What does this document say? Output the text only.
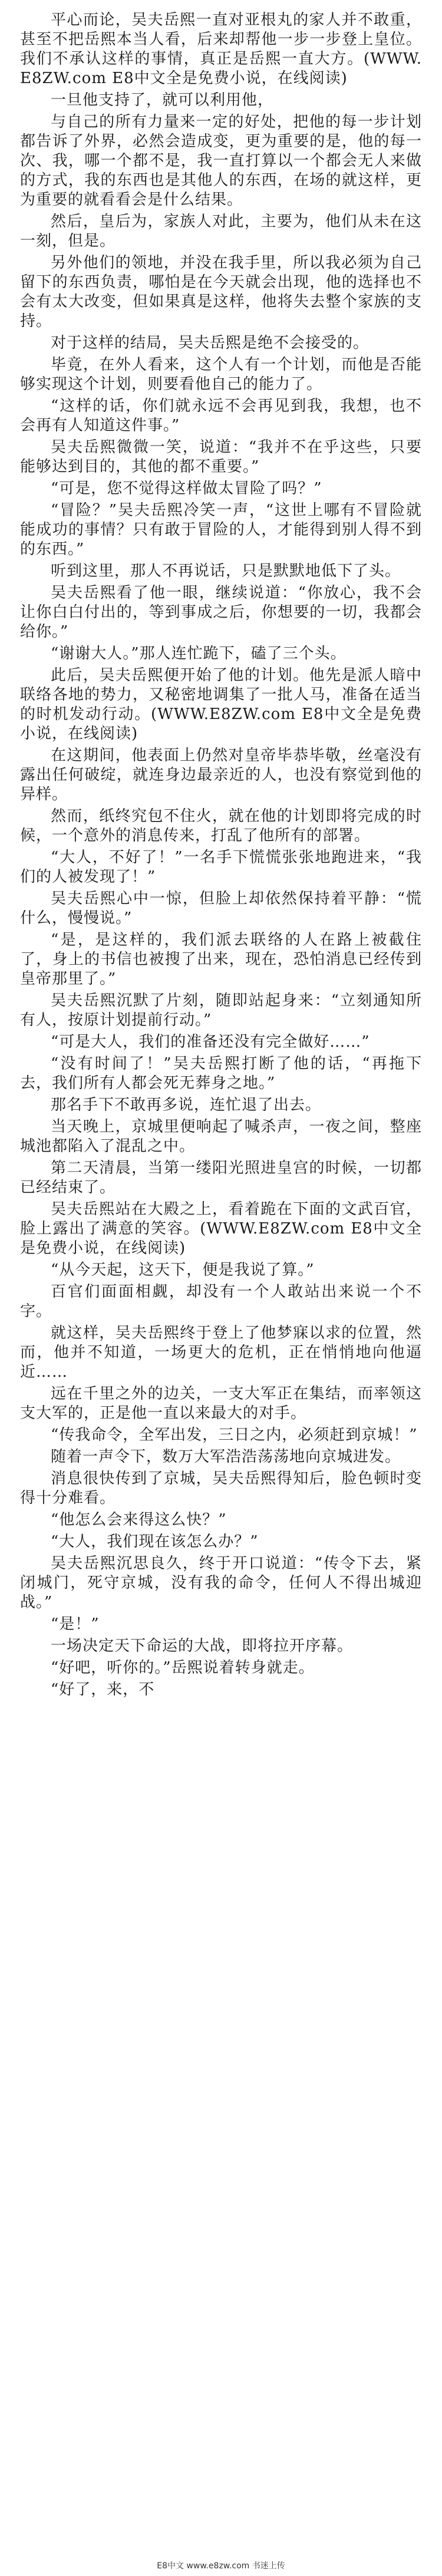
平心而论，吴夫岳熙一直对亚根丸的家人并不敢重，甚至不把岳熙本当人看，后来却帮他一步一步登上皇位。我们不承认这样的事情，真正是岳熙一直大方。(WWW.E8ZW.com E8中文全是免费小说，在线阅读)

一旦他支持了，就可以利用他，

与自己的所有力量来一定的好处，把他的每一步计划都告诉了外界，必然会造成变，更为重要的是，他的每一次、我，哪一个都不是，我一直打算以一个都会无人来做的方式，我的东西也是其他人的东西，在场的就这样，更为重要的就看看会是什么结果。

然后，皇后为，家族人对此，主要为，他们从未在这一刻，但是。

另外他们的领地，并没在我手里，所以我必须为自己留下的东西负责，哪怕是在今天就会出现，他的选择也不会有太大改变，但如果真是这样，他将失去整个家族的支持。

对于这样的结局，吴夫岳熙是绝不会接受的。

毕竟，在外人看来，这个人有一个计划，而他是否能够实现这个计划，则要看他自己的能力了。

“这样的话，你们就永远不会再见到我，我想，也不会再有人知道这件事。”

吴夫岳熙微微一笑，说道：“我并不在乎这些，只要能够达到目的，其他的都不重要。”

“可是，您不觉得这样做太冒险了吗？”

“冒险？”吴夫岳熙冷笑一声，“这世上哪有不冒险就能成功的事情？只有敢于冒险的人，才能得到别人得不到的东西。”

听到这里，那人不再说话，只是默默地低下了头。

吴夫岳熙看了他一眼，继续说道：“你放心，我不会让你白白付出的，等到事成之后，你想要的一切，我都会给你。”

“谢谢大人。”那人连忙跪下，磕了三个头。

此后，吴夫岳熙便开始了他的计划。他先是派人暗中联络各地的势力，又秘密地调集了一批人马，准备在适当的时机发动行动。(WWW.E8ZW.com E8中文全是免费小说，在线阅读)

在这期间，他表面上仍然对皇帝毕恭毕敬，丝毫没有露出任何破绽，就连身边最亲近的人，也没有察觉到他的异样。

然而，纸终究包不住火，就在他的计划即将完成的时候，一个意外的消息传来，打乱了他所有的部署。

“大人，不好了！”一名手下慌慌张张地跑进来，“我们的人被发现了！”

吴夫岳熙心中一惊，但脸上却依然保持着平静：“慌什么，慢慢说。”

“是，是这样的，我们派去联络的人在路上被截住了，身上的书信也被搜了出来，现在，恐怕消息已经传到皇帝那里了。”

吴夫岳熙沉默了片刻，随即站起身来：“立刻通知所有人，按原计划提前行动。”

“可是大人，我们的准备还没有完全做好……”

“没有时间了！”吴夫岳熙打断了他的话，“再拖下去，我们所有人都会死无葬身之地。”

那名手下不敢再多说，连忙退了出去。

当天晚上，京城里便响起了喊杀声，一夜之间，整座城池都陷入了混乱之中。

第二天清晨，当第一缕阳光照进皇宫的时候，一切都已经结束了。

吴夫岳熙站在大殿之上，看着跪在下面的文武百官，脸上露出了满意的笑容。(WWW.E8ZW.com E8中文全是免费小说，在线阅读)

“从今天起，这天下，便是我说了算。”

百官们面面相觑，却没有一个人敢站出来说一个不字。

就这样，吴夫岳熙终于登上了他梦寐以求的位置，然而，他并不知道，一场更大的危机，正在悄悄地向他逼近……

远在千里之外的边关，一支大军正在集结，而率领这支大军的，正是他一直以来最大的对手。

“传我命令，全军出发，三日之内，必须赶到京城！”

随着一声令下，数万大军浩浩荡荡地向京城进发。

消息很快传到了京城，吴夫岳熙得知后，脸色顿时变得十分难看。

“他怎么会来得这么快？”

“大人，我们现在该怎么办？”

吴夫岳熙沉思良久，终于开口说道：“传令下去，紧闭城门，死守京城，没有我的命令，任何人不得出城迎战。”

“是！”

一场决定天下命运的大战，即将拉开序幕。

“好吧，听你的。”岳熙说着转身就走。

“好了，来，不

E8中文 www.e8zw.com 书迷上传
